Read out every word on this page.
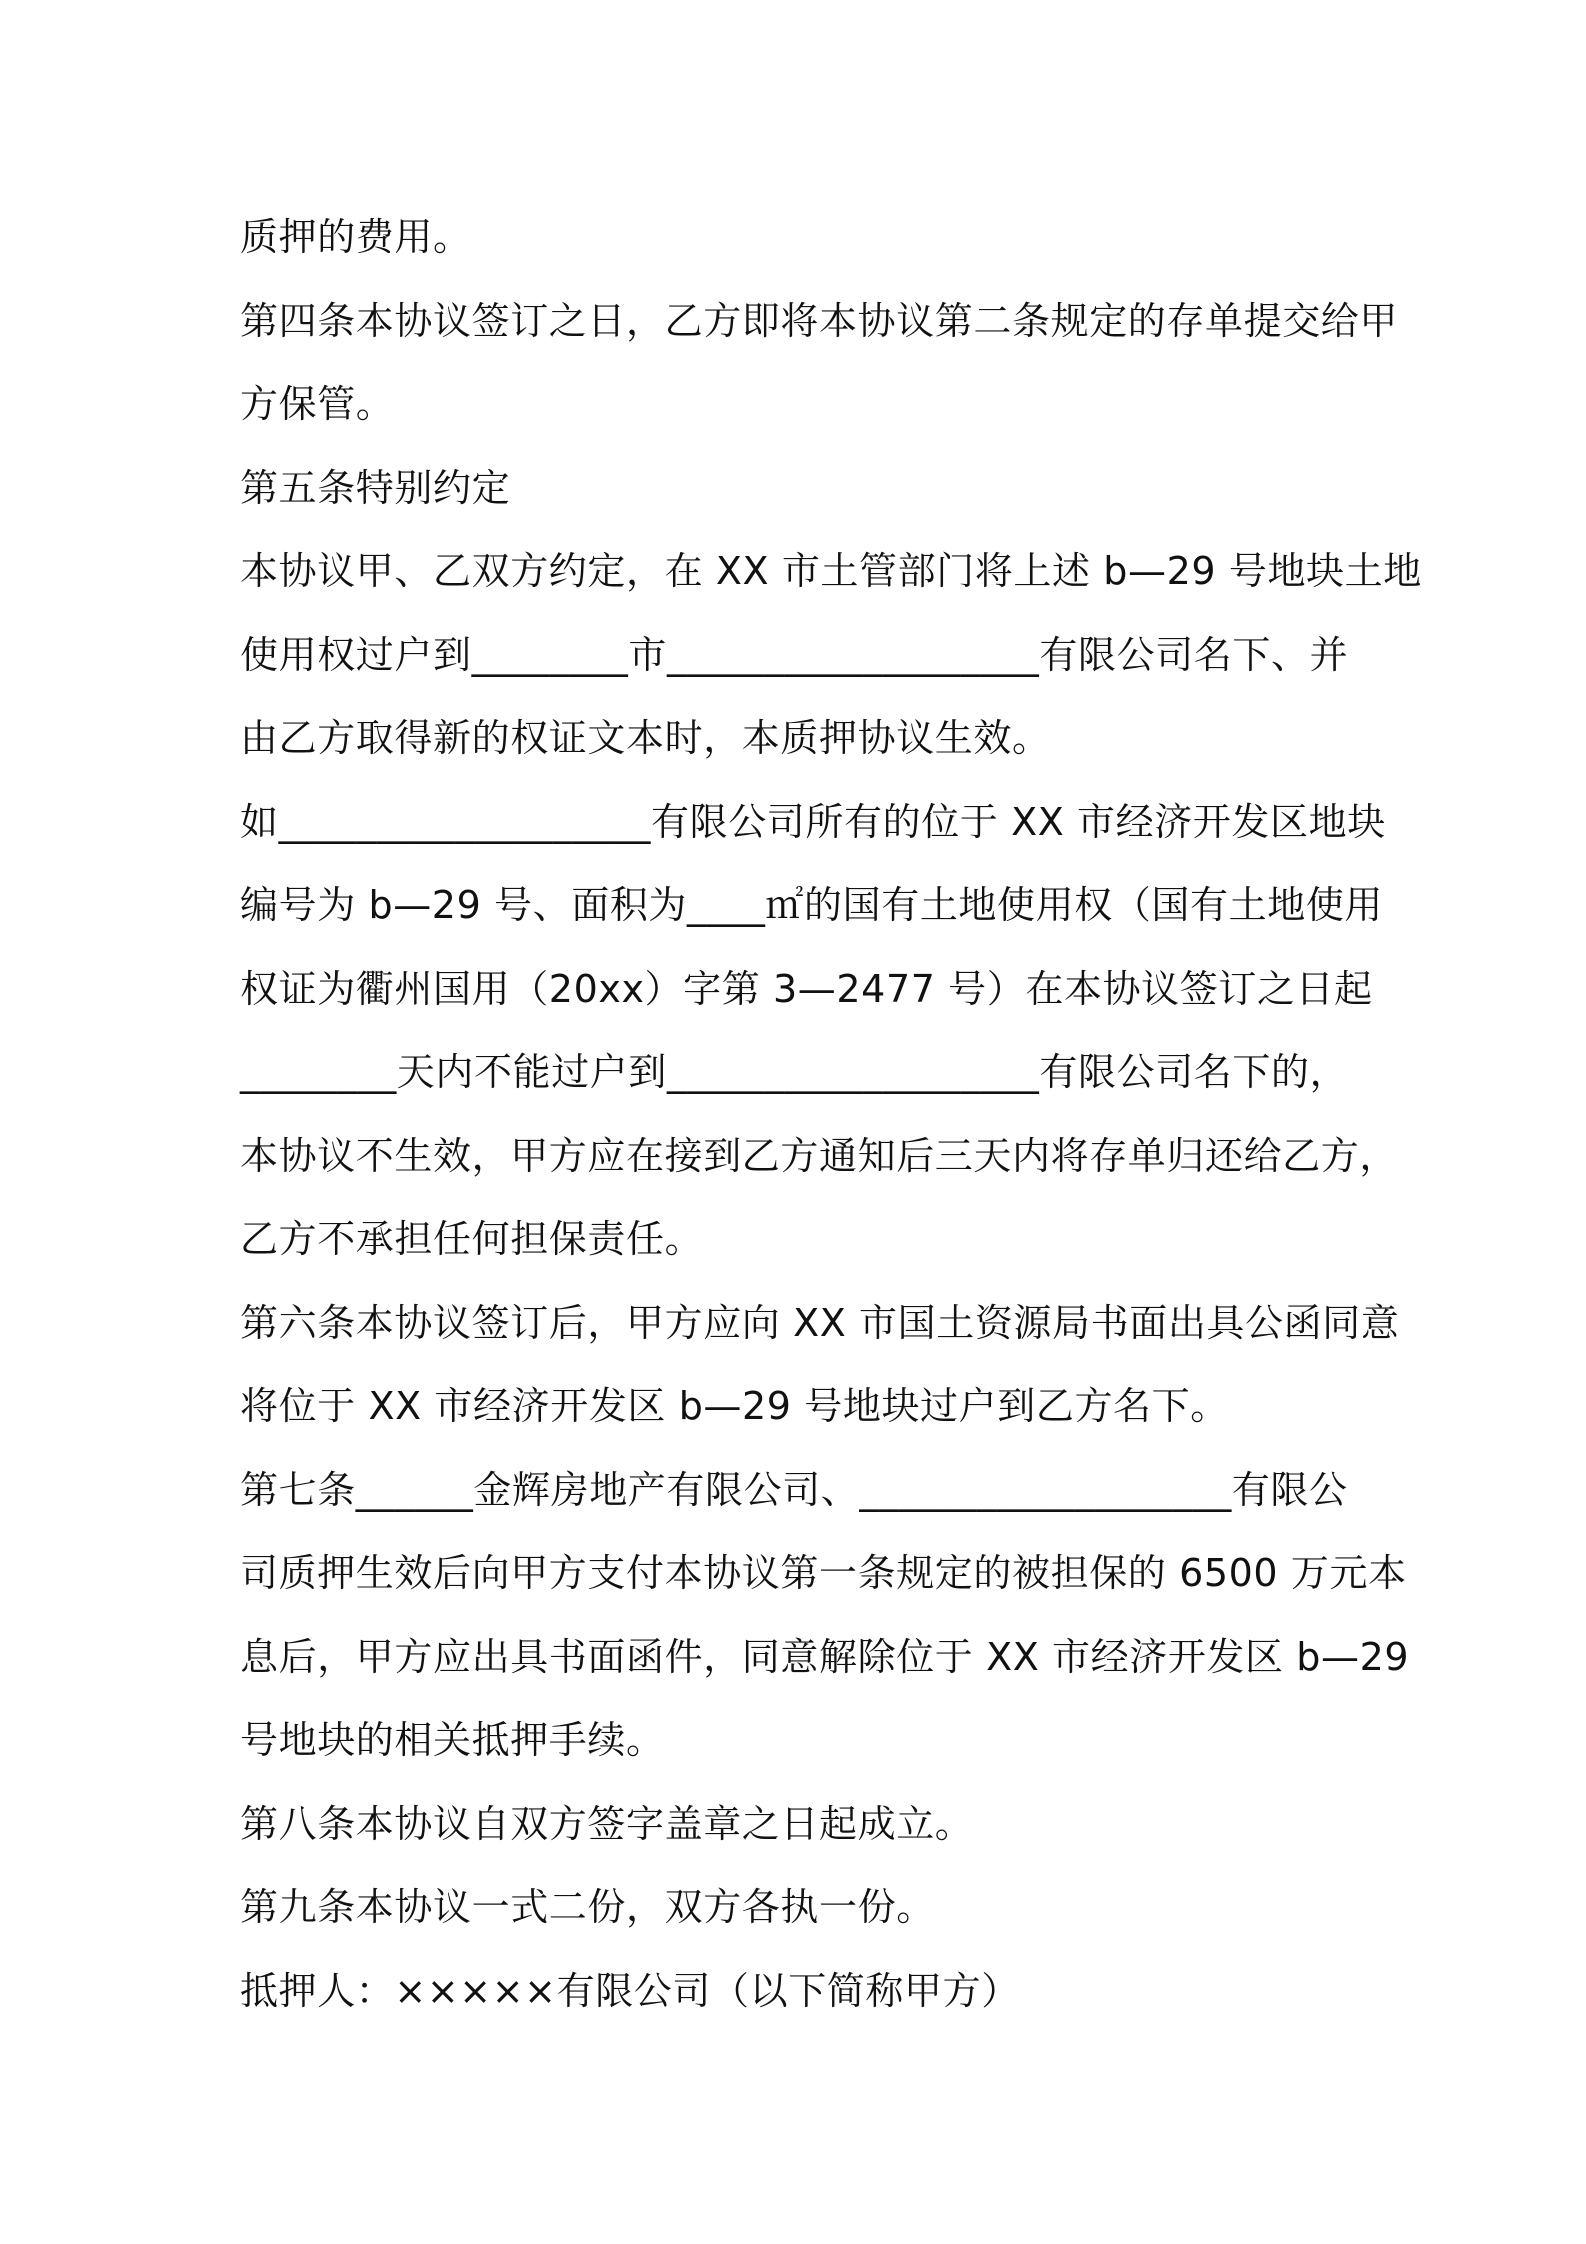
质押的费用。
第四条本协议签订之日，乙方即将本协议第二条规定的存单提交给甲
方保管。
第五条特别约定
本协议甲、乙双方约定，在 XX 市土管部门将上述 b—29 号地块土地
使用权过户到________市___________________有限公司名下、并
由乙方取得新的权证文本时，本质押协议生效。
如___________________有限公司所有的位于 XX 市经济开发区地块
编号为 b—29 号、面积为____㎡的国有土地使用权（国有土地使用
权证为衢州国用（20xx）字第 3—2477 号）在本协议签订之日起
________天内不能过户到___________________有限公司名下的，
本协议不生效，甲方应在接到乙方通知后三天内将存单归还给乙方，
乙方不承担任何担保责任。
第六条本协议签订后，甲方应向 XX 市国土资源局书面出具公函同意
将位于 XX 市经济开发区 b—29 号地块过户到乙方名下。
第七条______金辉房地产有限公司、___________________有限公
司质押生效后向甲方支付本协议第一条规定的被担保的 6500 万元本
息后，甲方应出具书面函件，同意解除位于 XX 市经济开发区 b—29
号地块的相关抵押手续。
第八条本协议自双方签字盖章之日起成立。
第九条本协议一式二份，双方各执一份。
抵押人：×××××有限公司（以下简称甲方）
